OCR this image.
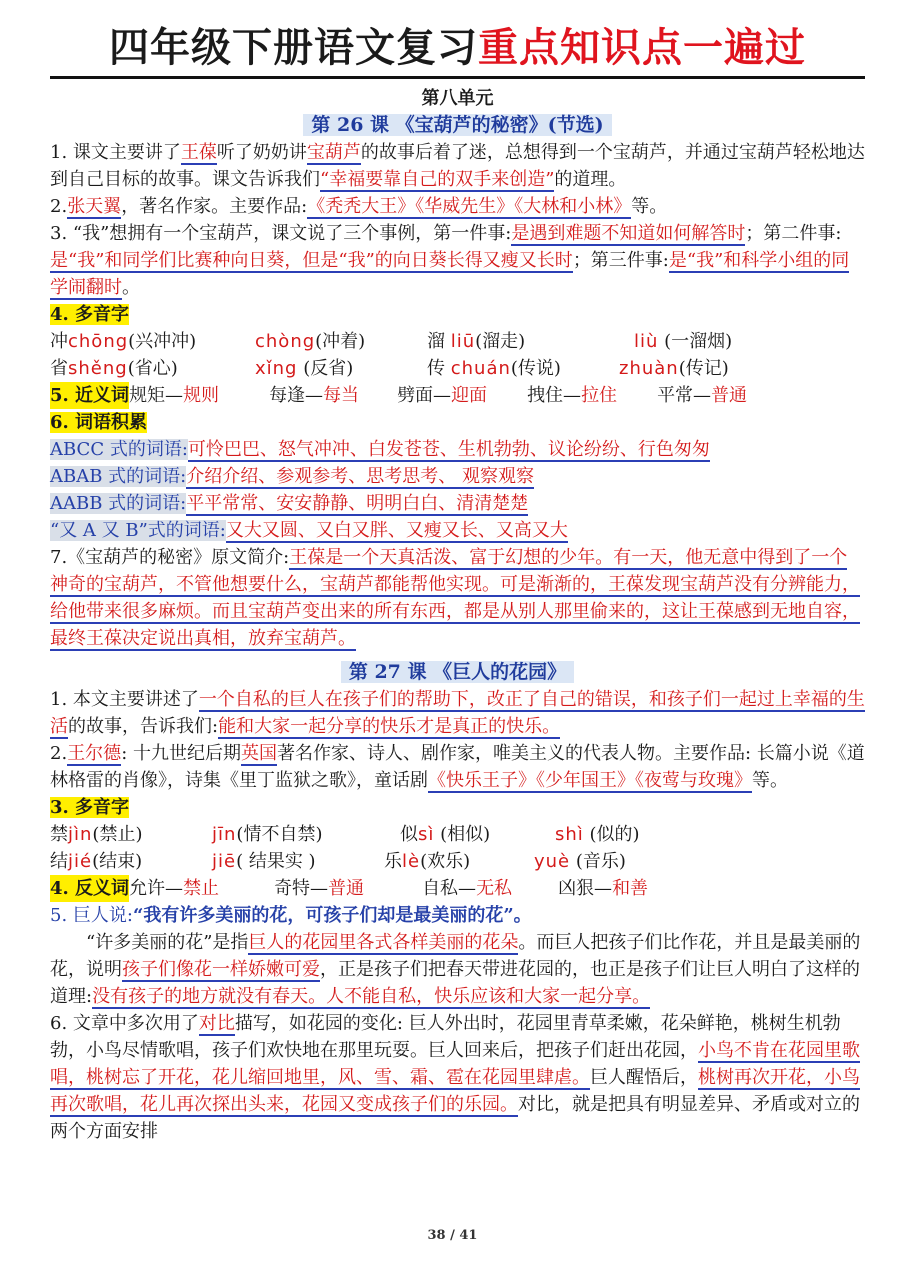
四年级下册语文复习重点知识点一遍过
第八单元
第 26 课 《宝葫芦的秘密》(节选)

1. 课文主要讲了王葆听了奶奶讲宝葫芦的故事后着了迷，总想得到一个宝葫芦，并通过宝葫芦轻松地达到自己目标的故事。课文告诉我们“幸福要靠自己的双手来创造”的道理。

2.张天翼，著名作家。主要作品:《秃秃大王》《华威先生》《大林和小林》等。

3. “我”想拥有一个宝葫芦，课文说了三个事例，第一件事:是遇到难题不知道如何解答时；第二件事:是“我”和同学们比赛种向日葵，但是“我”的向日葵长得又瘦又长时；第三件事:是“我”和科学小组的同学闹翻时。

4. 多音字

冲chōng(兴冲冲)	chòng(冲着)	溜 liū(溜走)	liù (一溜烟)
省shěng(省心)	xǐng (反省)	传 chuán(传说)	zhuàn(传记)
5. 近义词 规矩—规则	每逢—每当	劈面—迎面	拽住—拉住	平常—普通

6. 词语积累

ABCC 式的词语:可怜巴巴、怒气冲冲、白发苍苍、生机勃勃、议论纷纷、行色匆匆

ABAB 式的词语:介绍介绍、参观参考、思考思考、 观察观察

AABB 式的词语:平平常常、安安静静、明明白白、清清楚楚

“又 A 又 B”式的词语:又大又圆、又白又胖、又瘦又长、又高又大

7.《宝葫芦的秘密》原文简介:王葆是一个天真活泼、富于幻想的少年。有一天，他无意中得到了一个神奇的宝葫芦，不管他想要什么，宝葫芦都能帮他实现。可是渐渐的，王葆发现宝葫芦没有分辨能力，给他带来很多麻烦。而且宝葫芦变出来的所有东西，都是从别人那里偷来的，这让王葆感到无地自容，最终王葆决定说出真相，放弃宝葫芦。

第 27 课 《巨人的花园》

1. 本文主要讲述了一个自私的巨人在孩子们的帮助下，改正了自己的错误，和孩子们一起过上幸福的生活的故事，告诉我们:能和大家一起分享的快乐才是真正的快乐。

2.王尔德: 十九世纪后期英国著名作家、诗人、剧作家，唯美主义的代表人物。主要作品: 长篇小说《道林格雷的肖像》，诗集《里丁监狱之歌》，童话剧《快乐王子》《少年国王》《夜莺与玫瑰》等。

3. 多音字

禁jìn(禁止)	jīn(情不自禁)	似sì (相似)	shì (似的)
结jié(结束)	jiē( 结果实 )	乐lè(欢乐)	yuè (音乐)
4. 反义词 允许—禁止	奇特—普通	自私—无私	凶狠—和善

5. 巨人说:“我有许多美丽的花，可孩子们却是最美丽的花”。

“许多美丽的花”是指巨人的花园里各式各样美丽的花朵。而巨人把孩子们比作花，并且是最美丽的花，说明孩子们像花一样娇嫩可爱，正是孩子们把春天带进花园的，也正是孩子们让巨人明白了这样的道理:没有孩子的地方就没有春天。人不能自私，快乐应该和大家一起分享。

6. 文章中多次用了对比描写，如花园的变化: 巨人外出时，花园里青草柔嫩，花朵鲜艳，桃树生机勃勃，小鸟尽情歌唱，孩子们欢快地在那里玩耍。巨人回来后，把孩子们赶出花园，小鸟不肯在花园里歌唱，桃树忘了开花，花儿缩回地里，风、雪、霜、雹在花园里肆虐。巨人醒悟后，桃树再次开花，小鸟再次歌唱，花儿再次探出头来，花园又变成孩子们的乐园。对比，就是把具有明显差异、矛盾或对立的两个方面安排

38 / 41
